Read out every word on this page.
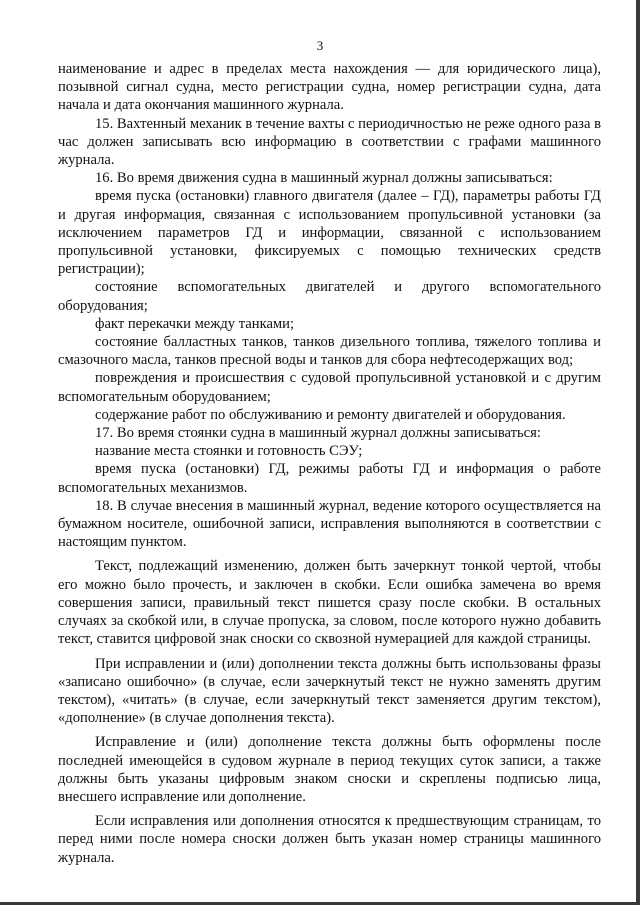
3

наименование и адрес в пределах места нахождения — для юридического лица), позывной сигнал судна, место регистрации судна, номер регистрации судна, дата начала и дата окончания машинного журнала.

15. Вахтенный механик в течение вахты с периодичностью не реже одного раза в час должен записывать всю информацию в соответствии с графами машинного журнала.

16. Во время движения судна в машинный журнал должны записываться:

время пуска (остановки) главного двигателя (далее – ГД), параметры работы ГД и другая информация, связанная с использованием пропульсивной установки (за исключением параметров ГД и информации, связанной с использованием пропульсивной установки, фиксируемых с помощью технических средств регистрации);

состояние вспомогательных двигателей и другого вспомогательного оборудования;

факт перекачки между танками;

состояние балластных танков, танков дизельного топлива, тяжелого топлива и смазочного масла, танков пресной воды и танков для сбора нефтесодержащих вод;

повреждения и происшествия с судовой пропульсивной установкой и с другим вспомогательным оборудованием;

содержание работ по обслуживанию и ремонту двигателей и оборудования.

17. Во время стоянки судна в машинный журнал должны записываться:

название места стоянки и готовность СЭУ;

время пуска (остановки) ГД, режимы работы ГД и информация о работе вспомогательных механизмов.

18. В случае внесения в машинный журнал, ведение которого осуществляется на бумажном носителе, ошибочной записи, исправления выполняются в соответствии с настоящим пунктом.

Текст, подлежащий изменению, должен быть зачеркнут тонкой чертой, чтобы его можно было прочесть, и заключен в скобки. Если ошибка замечена во время совершения записи, правильный текст пишется сразу после скобки. В остальных случаях за скобкой или, в случае пропуска, за словом, после которого нужно добавить текст, ставится цифровой знак сноски со сквозной нумерацией для каждой страницы.

При исправлении и (или) дополнении текста должны быть использованы фразы «записано ошибочно» (в случае, если зачеркнутый текст не нужно заменять другим текстом), «читать» (в случае, если зачеркнутый текст заменяется другим текстом), «дополнение» (в случае дополнения текста).

Исправление и (или) дополнение текста должны быть оформлены после последней имеющейся в судовом журнале в период текущих суток записи, а также должны быть указаны цифровым знаком сноски и скреплены подписью лица, внесшего исправление или дополнение.

Если исправления или дополнения относятся к предшествующим страницам, то перед ними после номера сноски должен быть указан номер страницы машинного журнала.
